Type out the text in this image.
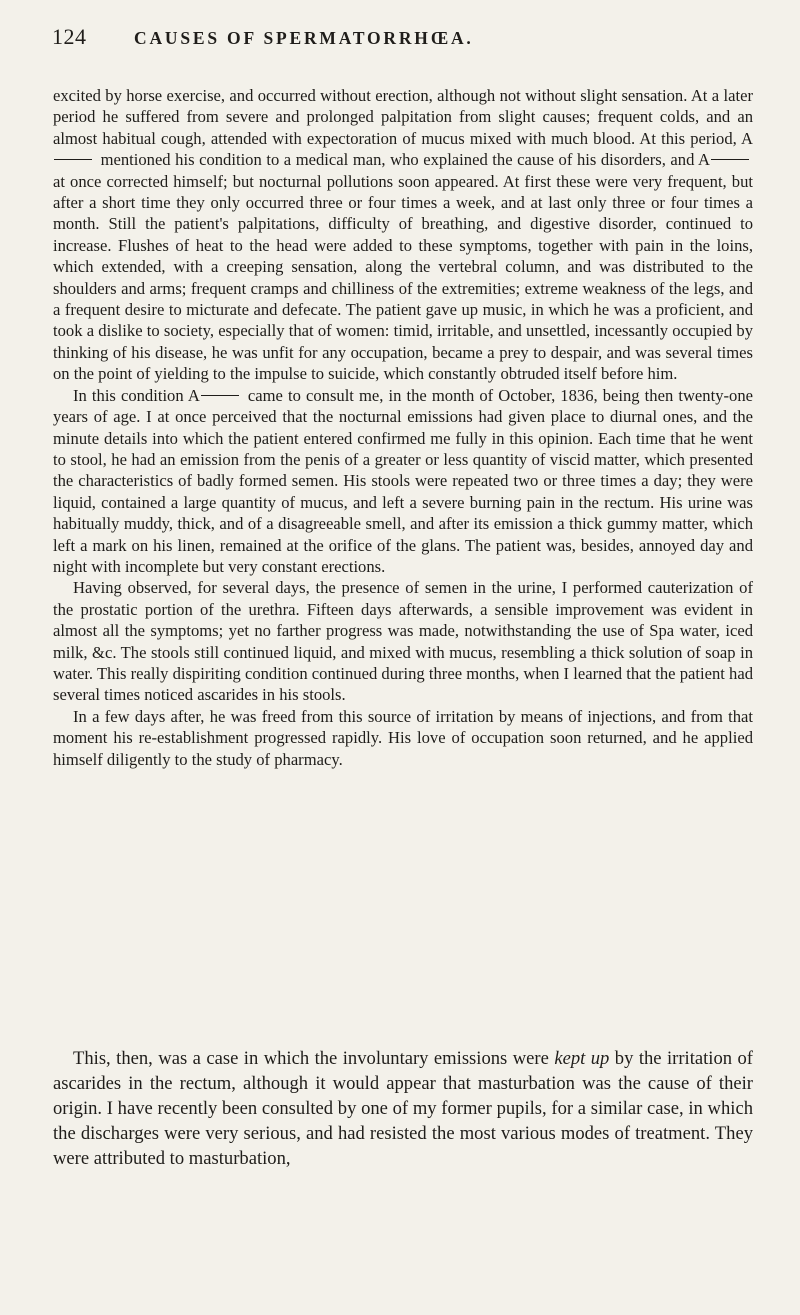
124	CAUSES OF SPERMATORRHŒA.

excited by horse exercise, and occurred without erection, although not without slight sensation. At a later period he suffered from severe and prolonged palpitation from slight causes; frequent colds, and an almost habitual cough, attended with expectoration of mucus mixed with much blood. At this period, A mentioned his condition to a medical man, who explained the cause of his disorders, and A at once corrected himself; but nocturnal pollutions soon appeared. At first these were very frequent, but after a short time they only occurred three or four times a week, and at last only three or four times a month. Still the patient's palpitations, difficulty of breathing, and digestive disorder, continued to increase. Flushes of heat to the head were added to these symptoms, together with pain in the loins, which extended, with a creeping sensation, along the vertebral column, and was distributed to the shoulders and arms; frequent cramps and chilliness of the extremities; extreme weakness of the legs, and a frequent desire to micturate and defecate. The patient gave up music, in which he was a proficient, and took a dislike to society, especially that of women: timid, irritable, and unsettled, incessantly occupied by thinking of his disease, he was unfit for any occupation, became a prey to despair, and was several times on the point of yielding to the impulse to suicide, which constantly obtruded itself before him.

In this condition A	came to consult me, in the month of October, 1836, being then twenty-one years of age. I at once perceived that the nocturnal emissions had given place to diurnal ones, and the minute details into which the patient entered confirmed me fully in this opinion. Each time that he went to stool, he had an emission from the penis of a greater or less quantity of viscid matter, which presented the characteristics of badly formed semen. His stools were repeated two or three times a day; they were liquid, contained a large quantity of mucus, and left a severe burning pain in the rectum. His urine was habitually muddy, thick, and of a disagreeable smell, and after its emission a thick gummy matter, which left a mark on his linen, remained at the orifice of the glans. The patient was, besides, annoyed day and night with incomplete but very constant erections.

Having observed, for several days, the presence of semen in the urine, I performed cauterization of the prostatic portion of the urethra. Fifteen days afterwards, a sensible improvement was evident in almost all the symptoms; yet no farther progress was made, notwithstanding the use of Spa water, iced milk, &c. The stools still continued liquid, and mixed with mucus, resembling a thick solution of soap in water. This really dispiriting condition continued during three months, when I learned that the patient had several times noticed ascarides in his stools.

In a few days after, he was freed from this source of irritation by means of injections, and from that moment his re-establishment progressed rapidly. His love of occupation soon returned, and he applied himself diligently to the study of pharmacy.

This, then, was a case in which the involuntary emissions were kept up by the irritation of ascarides in the rectum, although it would appear that masturbation was the cause of their origin. I have recently been consulted by one of my former pupils, for a similar case, in which the discharges were very serious, and had resisted the most various modes of treatment. They were attributed to masturbation,
